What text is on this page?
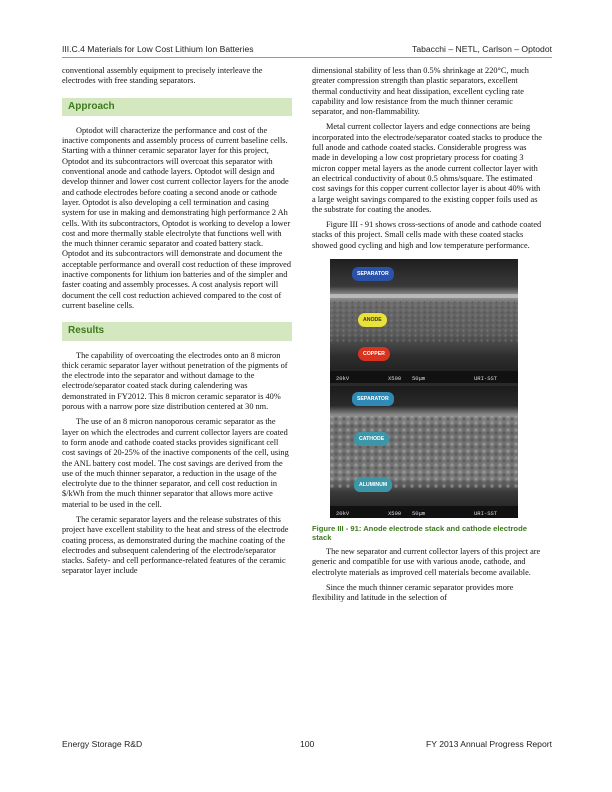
III.C.4 Materials for Low Cost Lithium Ion Batteries	Tabacchi – NETL, Carlson – Optodot

conventional assembly equipment to precisely interleave the electrodes with free standing separators.

Approach

Optodot will characterize the performance and cost of the inactive components and assembly process of current baseline cells. Starting with a thinner ceramic separator layer for this project, Optodot and its subcontractors will overcoat this separator with conventional anode and cathode layers. Optodot will design and develop thinner and lower cost current collector layers for the anode and cathode electrodes before coating a second anode or cathode layer. Optodot is also developing a cell termination and casing system for use in making and demonstrating high performance 2 Ah cells. With its subcontractors, Optodot is working to develop a lower cost and more thermally stable electrolyte that functions well with the much thinner ceramic separator and coated battery stack. Optodot and its subcontractors will demonstrate and document the acceptable performance and overall cost reduction of these improved inactive components for lithium ion batteries and of the simpler and faster coating and assembly processes. A cost analysis report will document the cell cost reduction achieved compared to the cost of current baseline cells.

Results

The capability of overcoating the electrodes onto an 8 micron thick ceramic separator layer without penetration of the pigments of the electrode into the separator and without damage to the electrode/separator coated stack during calendering was demonstrated in FY2012. This 8 micron ceramic separator is 40% porous with a narrow pore size distribution centered at 30 nm.

The use of an 8 micron nanoporous ceramic separator as the layer on which the electrodes and current collector layers are coated to form anode and cathode coated stacks provides significant cell cost savings of 20-25% of the inactive components of the cell, using the ANL battery cost model. The cost savings are derived from the use of the much thinner separator, a reduction in the usage of the electrolyte due to the thinner separator, and cell cost reduction in $/kWh from the much thinner separator that allows more active material to be used in the cell.

The ceramic separator layers and the release substrates of this project have excellent stability to the heat and stress of the electrode coating process, as demonstrated during the machine coating of the electrodes and subsequent calendering of the electrode/separator stacks. Safety- and cell performance-related features of the ceramic separator layer include

dimensional stability of less than 0.5% shrinkage at 220°C, much greater compression strength than plastic separators, excellent thermal conductivity and heat dissipation, excellent cycling rate capability and low resistance from the much thinner ceramic separator, and non-flammability.

Metal current collector layers and edge connections are being incorporated into the electrode/separator coated stacks to produce the full anode and cathode coated stacks. Considerable progress was made in developing a low cost proprietary process for coating 3 micron copper metal layers as the anode current collector layer with an electrical conductivity of about 0.5 ohms/square. The estimated cost savings for this copper current collector layer is about 40% with a large weight savings compared to the existing copper foils used as the substrate for coating the anodes.

Figure III - 91 shows cross-sections of anode and cathode coated stacks of this project. Small cells made with these coated stacks showed good cycling and high and low temperature performance.

SEPARATOR
ANODE
COPPER
20kV	X500 50μm	URI-SST
SEPARATOR
CATHODE
ALUMINUM
20kV	X500 50μm	URI-SST
Figure III - 91: Anode electrode stack and cathode electrode stack

The new separator and current collector layers of this project are generic and compatible for use with various anode, cathode, and electrolyte materials as improved cell materials become available.

Since the much thinner ceramic separator provides more flexibility and latitude in the selection of

Energy Storage R&D	100	FY 2013 Annual Progress Report
